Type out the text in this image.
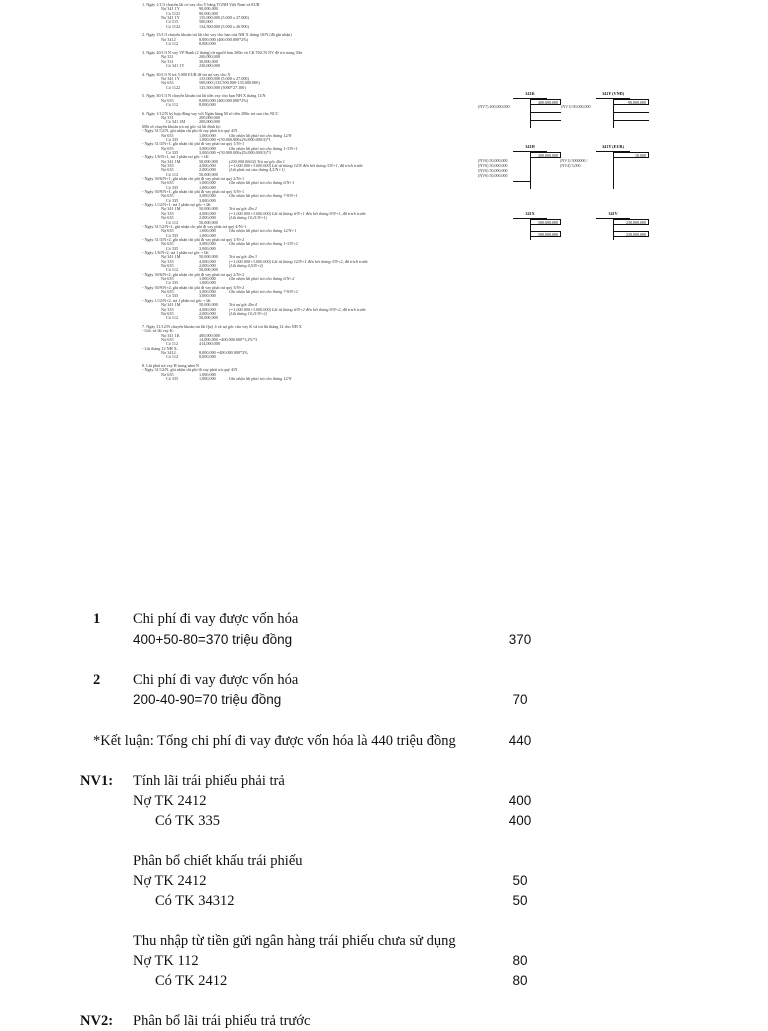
1. Ngày 1/1/3 chuyển lãi cơ vay cho Y bằng TGNH Việt Nam và EUR
Nợ 341 1Y	90,000,000
Có 1121	90,000,000
Nợ 341 1Y	135,000,000 (5.000 x 27.000)
Có 515	500,000
Có 1122	134,500,000 (5.000 x 26.900)
2. Ngày 15/1/3 chuyển khoản trả lãi cho vay cho bạn của NH X tháng 10/N (đã ghi nhận)
Nợ 3412	8,000,000 (400.000.000*2%)
Có 112	8,000,000
3. Ngày 20/1/3 N vay VP Bank (2 tháng) từ người bán 200tr và CK TKCN NV để trả trong 30tr
Nợ 331	200,000,000
Nợ 331	30,000,000
Có 341 1V	230,000,000
4. Ngày 30/1/3 N trả 5.000 EUR để trả nợ vay cho X
Nợ 341 1Y	135,000,000 (5.000 x 27.000)
Nợ 635	500,000 (135.500.000-135.000.000)
Có 1122	135,500,000 (5000*27.100)
5. Ngày 30/1/3 N chuyển khoản trả lãi tiền vay cho bạn NH X tháng 11/N
Nợ 635	8,000,000 (400.000.000*2%)
Có 112	8,000,000
6. Ngày 1/12/N ký hợp đồng vay với Ngân hàng M số tiền 200tr trả sau cho NCC
Nợ 331	200,000,000
Có 341 1M	200,000,000
Mỗi số chuyển khoản trả nợ gốc và lãi định kỳ:
- Ngày 31/12/N, ghi nhận chi phí đi vay phải trả quý 4/N
Nợ 635	1,000,000	Ghi nhận lãi phải trả cho tháng 12/N
Có 335	1,000,000 =(50.000.000x2%/000,000/3)*1
- Ngày 31/3/N+1, ghi nhận chi phí đi vay phải trả quý 1/N+1
Nợ 635	3,000,000	Ghi nhận lãi phải trả cho tháng 1-3/N+1
Có 335	3,000,000 =(50.000.000x2%/000,000/3)*3
- Ngày 1/6/N+1, trả 1 phần nợ gốc + lãi
Nợ 341 1M	50,000,000	(200.000.000/4) Trả nợ gốc lần 1
Nợ 335	4,000,000	(=1.000.000+3.000.000) Lãi từ tháng 12/N đến hết tháng 3/N+1, đã trích trước
Nợ 635	2,000,000	(Lãi phát trả của tháng 4,5/N+1)
Có 112	56,000,000
- Ngày 30/6/N+1, ghi nhận chi phí đi vay phải trả quý 2/N+1
Nợ 635	1,000,000	Ghi nhận lãi phải trả cho tháng 6/N+1
Có 335	1,000,000
- Ngày 30/9/N+1, ghi nhận chi phí đi vay phải trả quý 3/N+1
Nợ 635	3,000,000	Ghi nhận lãi phải trả cho tháng 7-9/N+1
Có 335	3,000,000
- Ngày 1/12/N+1, trả 1 phần nợ gốc + lãi
Nợ 341 1M	50,000,000	Trả nợ gốc lần 2
Nợ 335	4,000,000	(=1.000.000+3.000.000) Lãi từ tháng 6/N+1 đến hết tháng 9/N+1, đã trích trước
Nợ 635	2,000,000	(Lãi tháng 10,11/N+1)
Có 112	56,000,000
- Ngày 31/12/N+1, ghi nhận chi phí đi vay phải trả quý 4/N+1
Nợ 635	1,000,000	Ghi nhận lãi phải trả cho tháng 12/N+1
Có 335	1,000,000
- Ngày 31/3/N+2, ghi nhận chi phí đi vay phải trả quý 1/N+2
Nợ 635	3,000,000	Ghi nhận lãi phải trả cho tháng 1-3/N+2
Có 335	3,000,000
- Ngày 1/6/N+2, trả 1 phần nợ gốc + lãi
Nợ 341 1M	50,000,000	Trả nợ gốc lần 3
Nợ 335	4,000,000	(=1.000.000+3.000.000) Lãi từ tháng 12/N+1 đến hết tháng 3/N+2, đã trích trước
Nợ 635	2,000,000	(Lãi tháng 4,5/N+2)
Có 112	56,000,000
- Ngày 30/6/N+2, ghi nhận chi phí đi vay phải trả quý 2/N+2
Nợ 635	1,000,000	Ghi nhận lãi phải trả cho tháng 6/N+2
Có 335	1,000,000
- Ngày 30/9/N+2, ghi nhận chi phí đi vay phải trả quý 3/N+2
Nợ 635	3,000,000	Ghi nhận lãi phải trả cho tháng 7-9/N+2
Có 335	3,000,000
- Ngày 1/12/N+2, trả 1 phần nợ gốc + lãi
Nợ 341 1M	50,000,000	Trả nợ gốc lần 4
Nợ 335	4,000,000	(=1.000.000+3.000.000) Lãi từ tháng 6/N+2 đến hết tháng 9/N+2, đã trích trước
Nợ 635	2,000,000	(Lãi tháng 10,11/N+2)
Có 112	56,000,000
7. Ngày 31/12/N chuyển khoản trả lãi Quý 4 và nợ gốc cho vay K và trả lãi tháng 12 cho NH X
- Gốc và lãi vay K:
Nợ 341 1K	400,000,000
Nợ 635	14,000,000 =400.000.000*1,2%*3
Có 112	414,000,000
- Lãi tháng 12 NH X:
Nợ 3412	8,000,000 =400.000.000*2%
Có 112	8,000,000
8. Lãi phải trả vay H trong năm N
- Ngày 31/12/N, ghi nhận chi phí đi vay phải trả quý 4/N
Nợ 635	1,000,000
Có 335	1,000,000	Ghi nhận lãi phải trả cho tháng 12/N
341K
400,000,000
(NV7) 400,000,000
341Y (VND)
90,000,000
(NV1) 90,000,000
341H
200,000,000
(NV6) 50,000,000
(NV6) 50,000,000
(NV6) 50,000,000
(NV6) 50,000,000
341Y (EUR)
10,000
(NV1) 5000000 / (NV4) 5,000
341X
500,000,000
500,000,000
341V
230,000,000
230,000,000
1 Chi phí đi vay được vốn hóa
400+50-80=370 triệu đồng	370
2 Chi phí đi vay được vốn hóa
200-40-90=70 triệu đồng	70
*Kết luận: Tổng chi phí đi vay được vốn hóa là 440 triệu đồng	440
NV1: Tính lãi trái phiếu phải trả
Nợ TK 2412	400
Có TK 335	400
Phân bổ chiết khấu trái phiếu
Nợ TK 2412	50
Có TK 34312	50
Thu nhập từ tiền gửi ngân hàng trái phiếu chưa sử dụng
Nợ TK 112	80
Có TK 2412	80
NV2: Phân bổ lãi trái phiếu trả trước
